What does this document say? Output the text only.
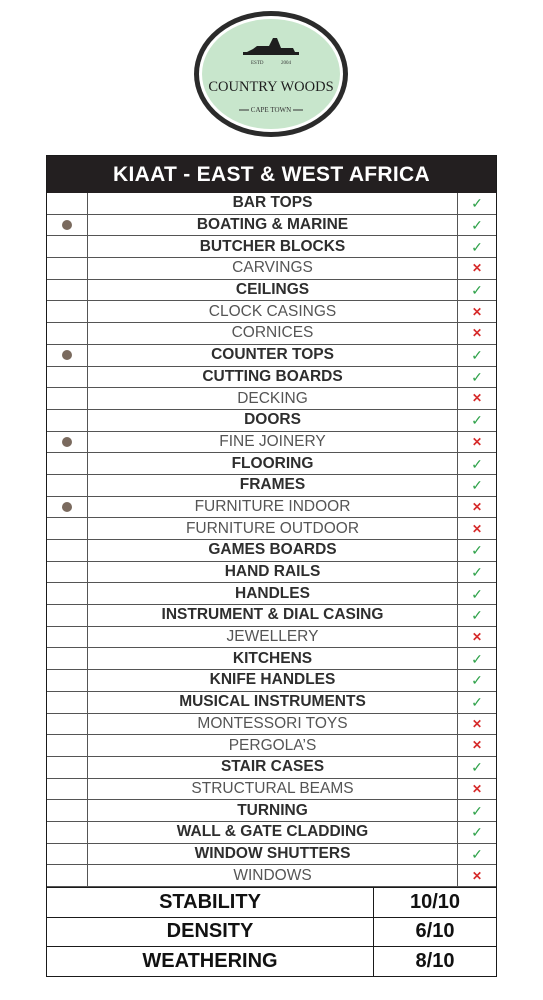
ESTD	2004
COUNTRY WOODS
CAPE TOWN
KIAAT - EAST & WEST AFRICA
	BAR TOPS	✓
	BOATING & MARINE	✓
	BUTCHER BLOCKS	✓
	CARVINGS	✕
	CEILINGS	✓
	CLOCK CASINGS	✕
	CORNICES	✕
	COUNTER TOPS	✓
	CUTTING BOARDS	✓
	DECKING	✕
	DOORS	✓
	FINE JOINERY	✕
	FLOORING	✓
	FRAMES	✓
	FURNITURE INDOOR	✕
	FURNITURE OUTDOOR	✕
	GAMES BOARDS	✓
	HAND RAILS	✓
	HANDLES	✓
	INSTRUMENT & DIAL CASING	✓
	JEWELLERY	✕
	KITCHENS	✓
	KNIFE HANDLES	✓
	MUSICAL INSTRUMENTS	✓
	MONTESSORI TOYS	✕
	PERGOLA’S	✕
	STAIR CASES	✓
	STRUCTURAL BEAMS	✕
	TURNING	✓
	WALL & GATE CLADDING	✓
	WINDOW SHUTTERS	✓
	WINDOWS	✕
STABILITY	10/10
DENSITY	6/10
WEATHERING	8/10
